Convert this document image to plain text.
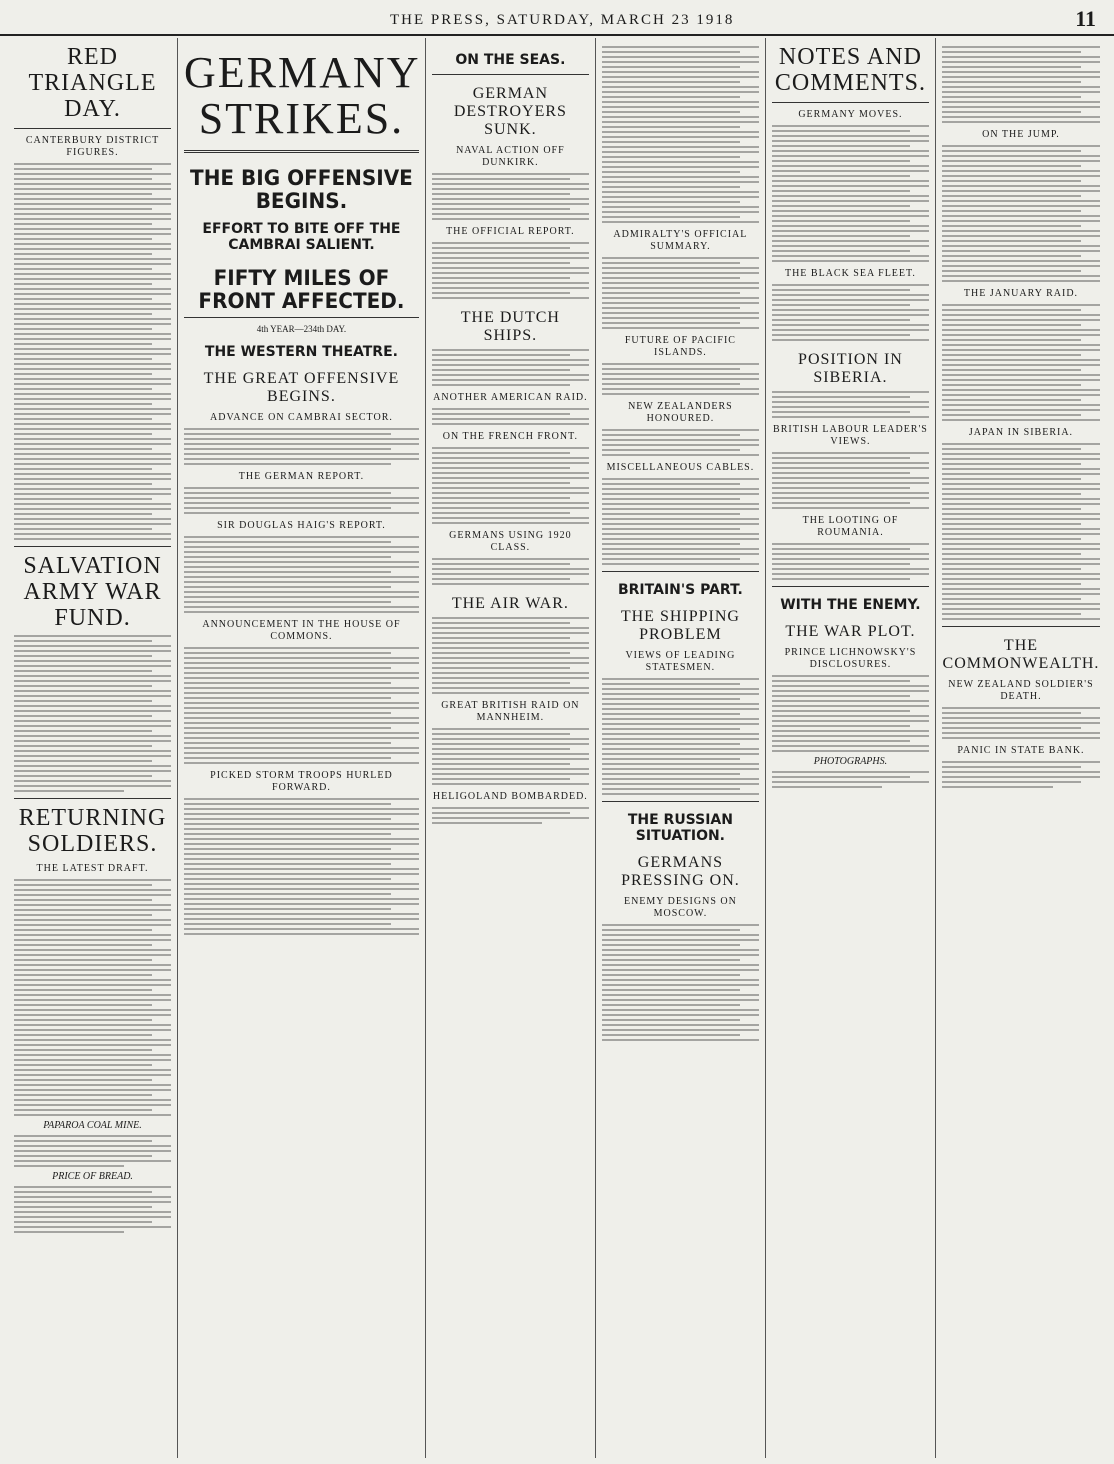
THE PRESS, SATURDAY, MARCH 23 1918	11
RED TRIANGLE DAY.
CANTERBURY DISTRICT FIGURES.
SALVATION ARMY WAR FUND.
RETURNING SOLDIERS.
THE LATEST DRAFT.
PAPAROA COAL MINE.
PRICE OF BREAD.
GERMANY STRIKES.
THE BIG OFFENSIVE BEGINS.
EFFORT TO BITE OFF THE CAMBRAI SALIENT.
FIFTY MILES OF FRONT AFFECTED.
4th YEAR—234th DAY.
THE WESTERN THEATRE.
THE GREAT OFFENSIVE BEGINS.
ADVANCE ON CAMBRAI SECTOR.
THE GERMAN REPORT.
SIR DOUGLAS HAIG'S REPORT.
ANNOUNCEMENT IN THE HOUSE OF COMMONS.
PICKED STORM TROOPS HURLED FORWARD.
ON THE SEAS.
GERMAN DESTROYERS SUNK.
NAVAL ACTION OFF DUNKIRK.
THE OFFICIAL REPORT.
THE DUTCH SHIPS.
ANOTHER AMERICAN RAID.
ON THE FRENCH FRONT.
GERMANS USING 1920 CLASS.
THE AIR WAR.
GREAT BRITISH RAID ON MANNHEIM.
HELIGOLAND BOMBARDED.
ADMIRALTY'S OFFICIAL SUMMARY.
FUTURE OF PACIFIC ISLANDS.
NEW ZEALANDERS HONOURED.
MISCELLANEOUS CABLES.
BRITAIN'S PART.
THE SHIPPING PROBLEM
VIEWS OF LEADING STATESMEN.
THE RUSSIAN SITUATION.
GERMANS PRESSING ON.
ENEMY DESIGNS ON MOSCOW.
NOTES AND COMMENTS.
GERMANY MOVES.
THE BLACK SEA FLEET.
POSITION IN SIBERIA.
BRITISH LABOUR LEADER'S VIEWS.
THE LOOTING OF ROUMANIA.
WITH THE ENEMY.
THE WAR PLOT.
PRINCE LICHNOWSKY'S DISCLOSURES.
PHOTOGRAPHS.
ON THE JUMP.
THE JANUARY RAID.
JAPAN IN SIBERIA.
THE COMMONWEALTH.
NEW ZEALAND SOLDIER'S DEATH.
PANIC IN STATE BANK.
